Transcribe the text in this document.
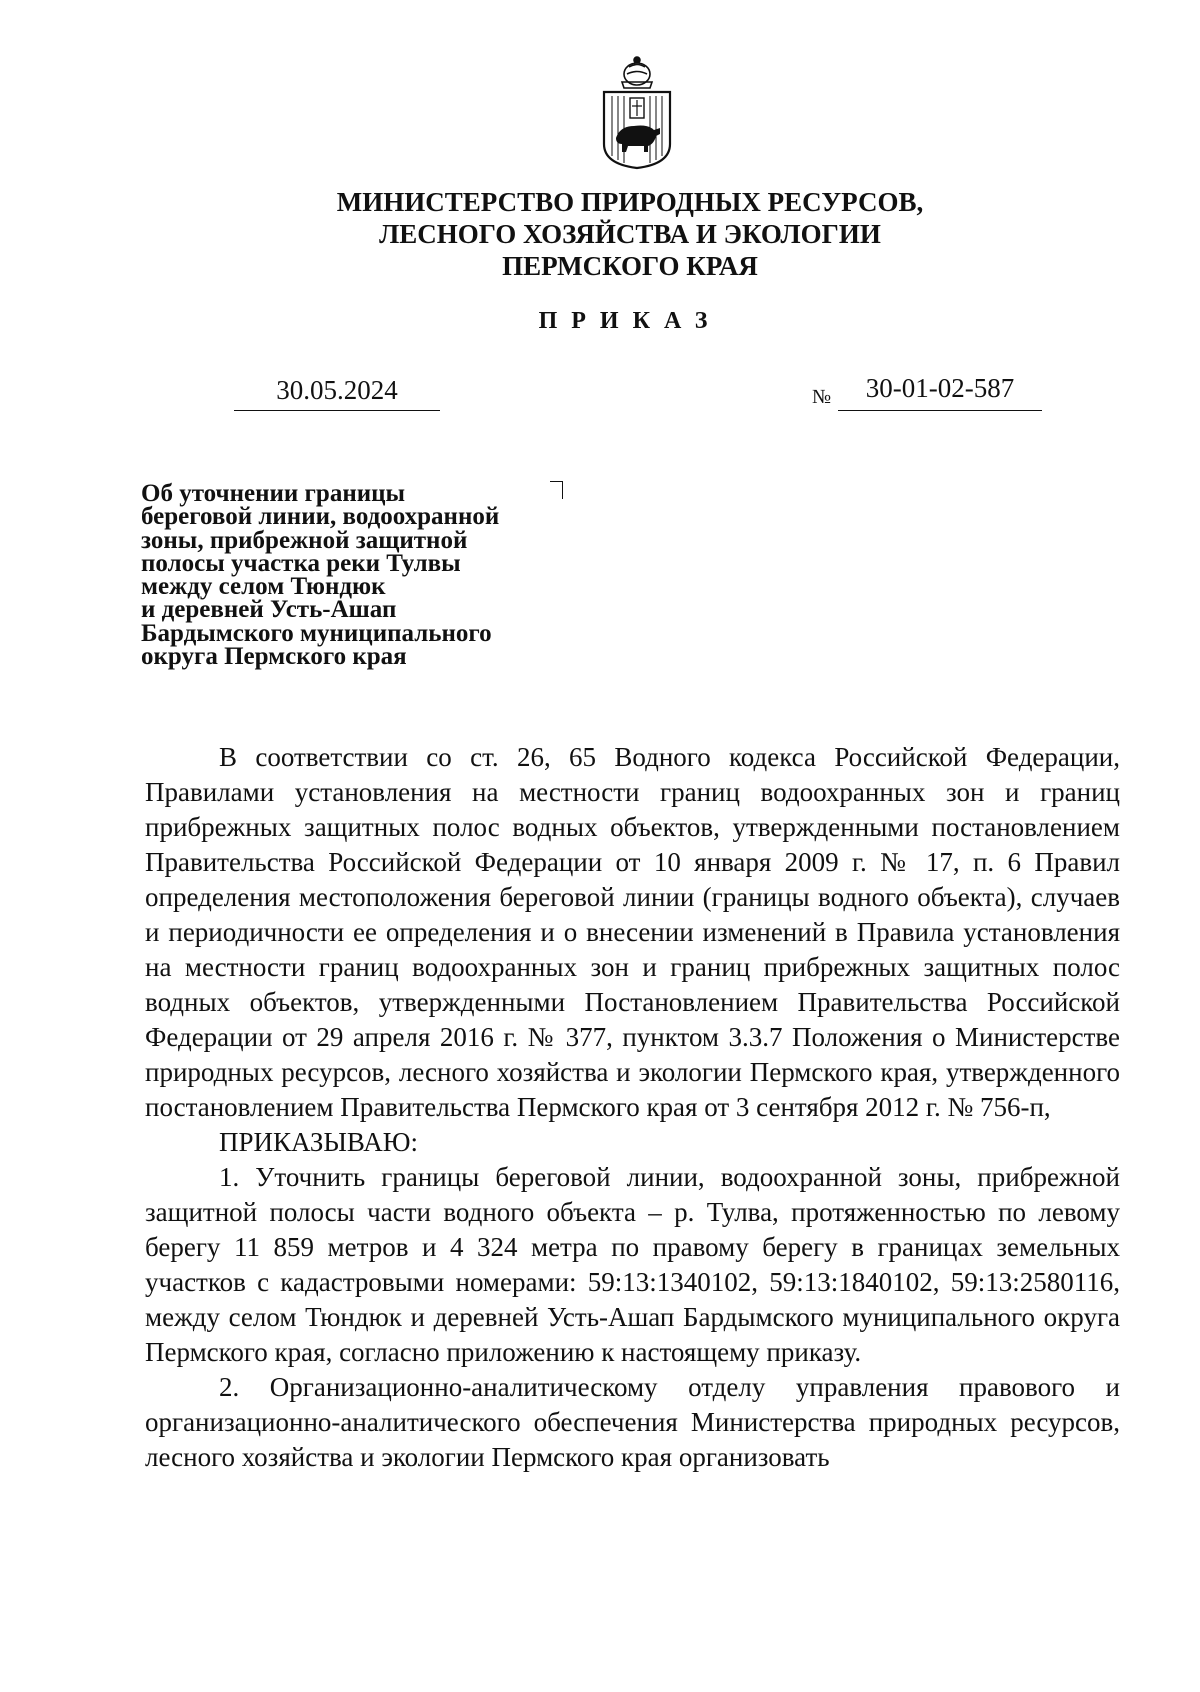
МИНИСТЕРСТВО ПРИРОДНЫХ РЕСУРСОВ,
ЛЕСНОГО ХОЗЯЙСТВА И ЭКОЛОГИИ
ПЕРМСКОГО КРАЯ
ПРИКАЗ
30.05.2024	№	30-01-02-587
Об уточнении границы
береговой линии, водоохранной
зоны, прибрежной защитной
полосы участка реки Тулвы
между селом Тюндюк
и деревней Усть-Ашап
Бардымского муниципального
округа Пермского края

В соответствии со ст. 26, 65 Водного кодекса Российской Федерации, Правилами установления на местности границ водоохранных зон и границ прибрежных защитных полос водных объектов, утвержденными постановлением Правительства Российской Федерации от 10 января 2009 г. № 17, п. 6 Правил определения местоположения береговой линии (границы водного объекта), случаев и периодичности ее определения и о внесении изменений в Правила установления на местности границ водоохранных зон и границ прибрежных защитных полос водных объектов, утвержденными Постановлением Правительства Российской Федерации от 29 апреля 2016 г. № 377, пунктом 3.3.7 Положения о Министерстве природных ресурсов, лесного хозяйства и экологии Пермского края, утвержденного постановлением Правительства Пермского края от 3 сентября 2012 г. № 756-п,

ПРИКАЗЫВАЮ:

1. Уточнить границы береговой линии, водоохранной зоны, прибрежной защитной полосы части водного объекта – р. Тулва, протяженностью по левому берегу 11 859 метров и 4 324 метра по правому берегу в границах земельных участков с кадастровыми номерами: 59:13:1340102, 59:13:1840102, 59:13:2580116, между селом Тюндюк и деревней Усть-Ашап Бардымского муниципального округа Пермского края, согласно приложению к настоящему приказу.

2. Организационно-аналитическому отделу управления правового и организационно-аналитического обеспечения Министерства природных ресурсов, лесного хозяйства и экологии Пермского края организовать
